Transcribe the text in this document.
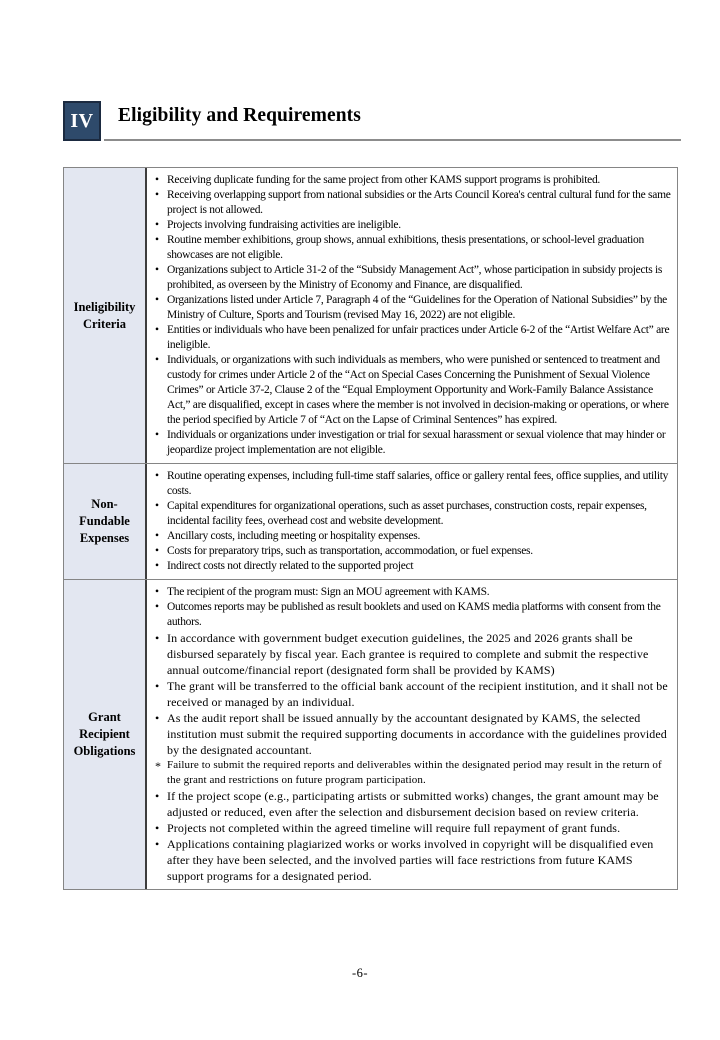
IV Eligibility and Requirements
Ineligibility
Criteria
• Receiving duplicate funding for the same project from other KAMS support programs is prohibited.
• Receiving overlapping support from national subsidies or the Arts Council Korea's central cultural fund for the same project is not allowed.
• Projects involving fundraising activities are ineligible.
• Routine member exhibitions, group shows, annual exhibitions, thesis presentations, or school-level graduation showcases are not eligible.
• Organizations subject to Article 31-2 of the “Subsidy Management Act”, whose participation in subsidy projects is prohibited, as overseen by the Ministry of Economy and Finance, are disqualified.
• Organizations listed under Article 7, Paragraph 4 of the “Guidelines for the Operation of National Subsidies” by the Ministry of Culture, Sports and Tourism (revised May 16, 2022) are not eligible.
• Entities or individuals who have been penalized for unfair practices under Article 6-2 of the “Artist Welfare Act” are ineligible.
• Individuals, or organizations with such individuals as members, who were punished or sentenced to treatment and custody for crimes under Article 2 of the “Act on Special Cases Concerning the Punishment of Sexual Violence Crimes” or Article 37-2, Clause 2 of the “Equal Employment Opportunity and Work-Family Balance Assistance Act,” are disqualified, except in cases where the member is not involved in decision-making or operations, or where the period specified by Article 7 of “Act on the Lapse of Criminal Sentences” has expired.
• Individuals or organizations under investigation or trial for sexual harassment or sexual violence that may hinder or jeopardize project implementation are not eligible.
Non-
Fundable
Expenses
• Routine operating expenses, including full-time staff salaries, office or gallery rental fees, office supplies, and utility costs.
• Capital expenditures for organizational operations, such as asset purchases, construction costs, repair expenses, incidental facility fees, overhead cost and website development.
• Ancillary costs, including meeting or hospitality expenses.
• Costs for preparatory trips, such as transportation, accommodation, or fuel expenses.
• Indirect costs not directly related to the supported project
Grant
Recipient
Obligations
• The recipient of the program must: Sign an MOU agreement with KAMS.
• Outcomes reports may be published as result booklets and used on KAMS media platforms with consent from the authors.
• In accordance with government budget execution guidelines, the 2025 and 2026 grants shall be disbursed separately by fiscal year. Each grantee is required to complete and submit the respective annual outcome/financial report (designated form shall be provided by KAMS)
• The grant will be transferred to the official bank account of the recipient institution, and it shall not be received or managed by an individual.
• As the audit report shall be issued annually by the accountant designated by KAMS, the selected institution must submit the required supporting documents in accordance with the guidelines provided by the designated accountant.
* Failure to submit the required reports and deliverables within the designated period may result in the return of the grant and restrictions on future program participation.
• If the project scope (e.g., participating artists or submitted works) changes, the grant amount may be adjusted or reduced, even after the selection and disbursement decision based on review criteria.
• Projects not completed within the agreed timeline will require full repayment of grant funds.
• Applications containing plagiarized works or works involved in copyright will be disqualified even after they have been selected, and the involved parties will face restrictions from future KAMS support programs for a designated period.
-6-
